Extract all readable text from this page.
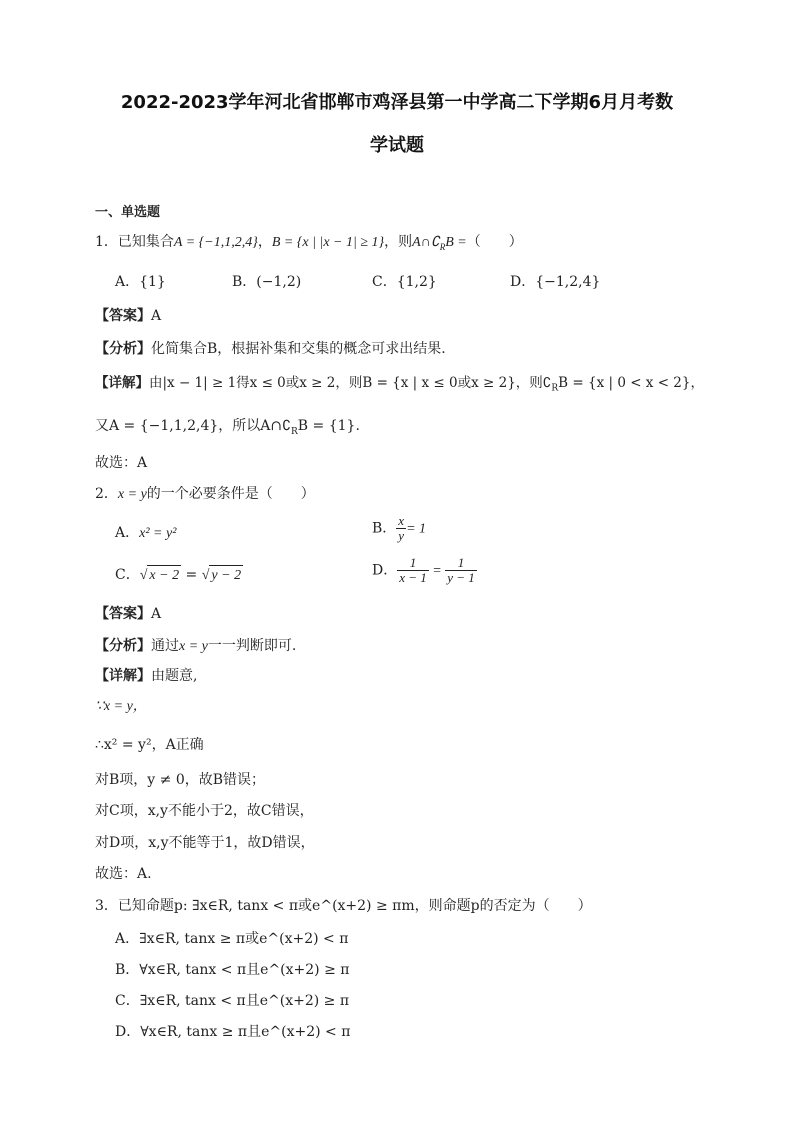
2022-2023学年河北省邯郸市鸡泽县第一中学高二下学期6月月考数
学试题
一、单选题
1．已知集合A = {−1,1,2,4}，B = {x | |x − 1| ≥ 1}，则$A\cap∁_RB$ =（　　）
A．{1}	B．(−1,2)	C．{1,2}	D．{−1,2,4}
【答案】A
【分析】化简集合B，根据补集和交集的概念可求出结果.
【详解】由|x − 1| ≥ 1得x ≤ 0或x ≥ 2，则B = {x | x ≤ 0或x ≥ 2}，则$∁_RB = \{x$ | 0 < x < 2}，
又A = {−1,1,2,4}，所以$A\cap∁_RB = \{1\}$.
故选：A
2．x = y的一个必要条件是（　　）
A．x² = y²	B． $\frac{x}{y} = 1$
C．√ x − 2 = √ y − 2	D． $\frac{1}{x - 1} = \frac{1}{y - 1}$
【答案】A
【分析】通过x = y一一判断即可.
【详解】由题意,
∵x = y，
∴x² = y²，A正确
对B项，y ≠ 0，故B错误；
对C项，x,y不能小于2，故C错误，
对D项，x,y不能等于1，故D错误，
故选：A.
3．已知命题p: ∃x∈R, tanx < π或e^(x+2) ≥ πm，则命题p的否定为（　　）
A．∃x∈R, tanx ≥ π或e^(x+2) < π
B．∀x∈R, tanx < π且e^(x+2) ≥ π
C．∃x∈R, tanx < π且e^(x+2) ≥ π
D．∀x∈R, tanx ≥ π且e^(x+2) < π
